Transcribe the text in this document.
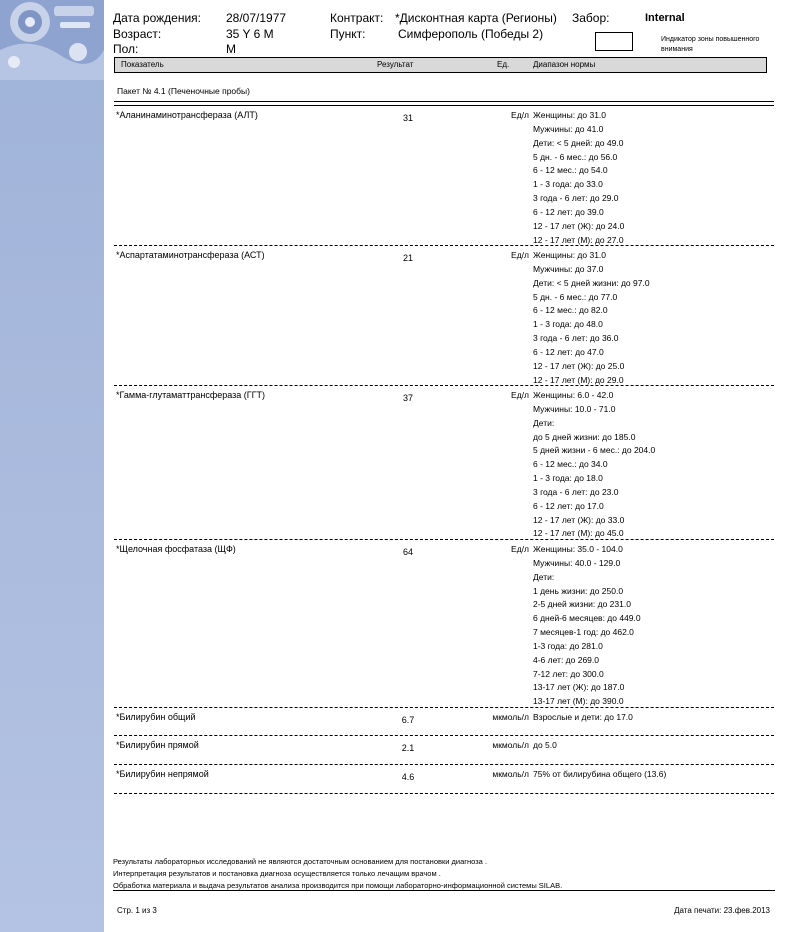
Дата рождения: 28/07/1977
Возраст:	35 Y 6 M
Пол:	M
Контракт: *Дисконтная карта (Регионы)
Пункт:	Симферополь (Победы 2)
Забор:	Internal
Индикатор зоны повышенного внимания
Показатель	Результат	Ед.	Диапазон нормы
Пакет № 4.1 (Печеночные пробы)
*Аланинаминотрансфераза (АЛТ)	31	Ед/л Женщины: до 31.0
Мужчины: до 41.0
Дети: < 5 дней: до 49.0
5 дн. - 6 мес.: до 56.0
6 - 12 мес.: до 54.0
1 - 3 года: до 33.0
3 года - 6 лет: до 29.0
6 - 12 лет: до 39.0
12 - 17 лет (Ж): до 24.0
12 - 17 лет (М): до 27.0
*Аспартатаминотрансфераза (АСТ)	21	Ед/л Женщины: до 31.0
Мужчины: до 37.0
Дети: < 5 дней жизни: до 97.0
5 дн. - 6 мес.: до 77.0
6 - 12 мес.: до 82.0
1 - 3 года: до 48.0
3 года - 6 лет: до 36.0
6 - 12 лет: до 47.0
12 - 17 лет (Ж): до 25.0
12 - 17 лет (М): до 29.0
*Гамма-глутаматтрансфераза (ГГТ)	37	Ед/л Женщины: 6.0 - 42.0
Мужчины: 10.0 - 71.0
Дети:
до 5 дней жизни: до 185.0
5 дней жизни - 6 мес.: до 204.0
6 - 12 мес.: до 34.0
1 - 3 года: до 18.0
3 года - 6 лет: до 23.0
6 - 12 лет: до 17.0
12 - 17 лет (Ж): до 33.0
12 - 17 лет (М): до 45.0
*Щелочная фосфатаза (ЩФ)	64	Ед/л Женщины: 35.0 - 104.0
Мужчины: 40.0 - 129.0
Дети:
1 день жизни: до 250.0
2-5 дней жизни: до 231.0
6 дней-6 месяцев: до 449.0
7 месяцев-1 год: до 462.0
1-3 года: до 281.0
4-6 лет: до 269.0
7-12 лет: до 300.0
13-17 лет (Ж): до 187.0
13-17 лет (М): до 390.0
*Билирубин общий	6.7	мкмоль/л Взрослые и дети: до 17.0
*Билирубин прямой	2.1	мкмоль/л до 5.0
*Билирубин непрямой	4.6	мкмоль/л 75% от билирубина общего (13.6)
Результаты лабораторных исследований не являются достаточным основанием для постановки диагноза .
Интерпретация результатов и постановка диагноза осуществляется только лечащим врачом .
Обработка материала и выдача результатов анализа производится при помощи лабораторно-информационной системы SILAB.
Стр. 1 из 3	Дата печати: 23.фев.2013
